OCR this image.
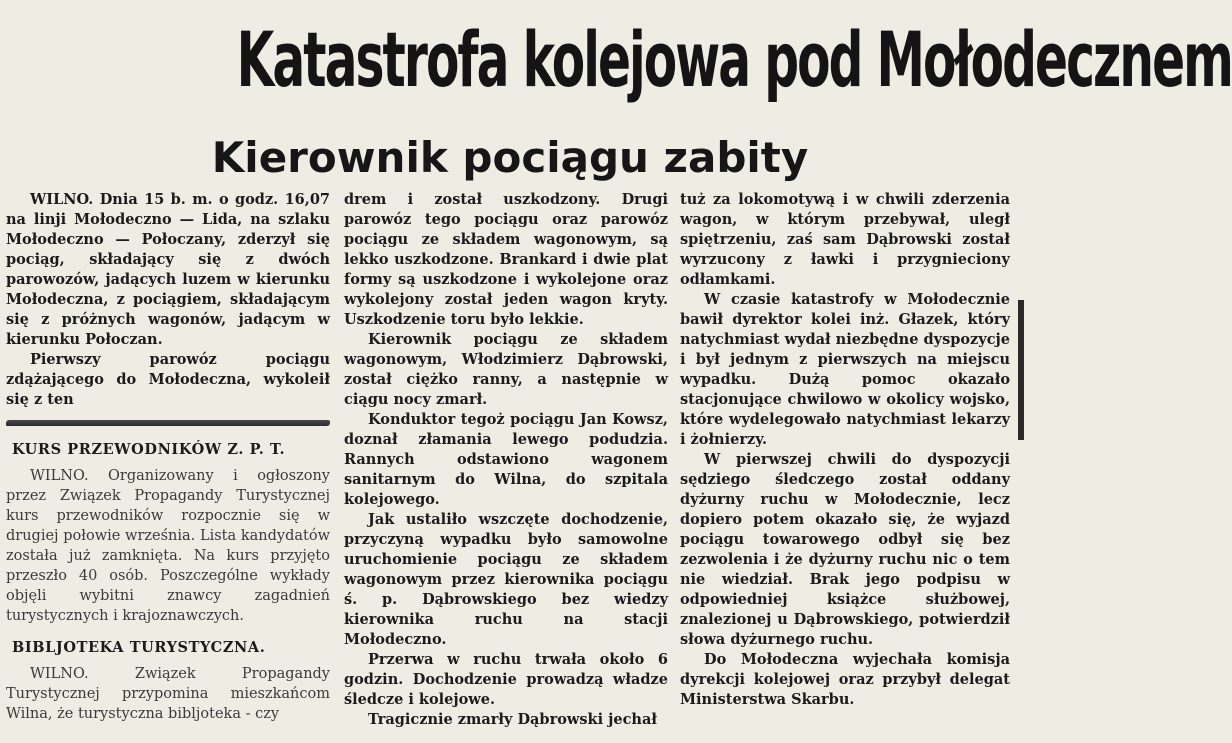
Katastrofa kolejowa pod Mołodecznem
Kierownik pociągu zabity

WILNO. Dnia 15 b. m. o godz. 16,07 na linji Mołodeczno — Lida, na szlaku Mołodeczno — Połoczany, zderzył się pociąg, składający się z dwóch parowozów, jadących luzem w kierunku Mołodeczna, z pociągiem, składającym się z próżnych wagonów, jadącym w kierunku Połoczan.

Pierwszy parowóz pociągu zdążającego do Mołodeczna, wykoleił się z ten

KURS PRZEWODNIKÓW Z. P. T.

WILNO. Organizowany i ogłoszony przez Związek Propagandy Turystycznej kurs przewodników rozpocznie się w drugiej połowie września. Lista kandydatów została już zamknięta. Na kurs przyjęto przeszło 40 osób. Poszczególne wykłady objęli wybitni znawcy zagadnień turystycznych i krajoznawczych.

BIBLJOTEKA TURYSTYCZNA.

WILNO. Związek Propagandy Turystycznej przypomina mieszkańcom Wilna, że turystyczna bibljoteka - czy

drem i został uszkodzony. Drugi parowóz tego pociągu oraz parowóz pociągu ze składem wagonowym, są lekko uszkodzone. Brankard i dwie plat formy są uszkodzone i wykolejone oraz wykolejony został jeden wagon kryty. Uszkodzenie toru było lekkie.

Kierownik pociągu ze składem wagonowym, Włodzimierz Dąbrowski, został ciężko ranny, a następnie w ciągu nocy zmarł.

Konduktor tegoż pociągu Jan Kowsz, doznał złamania lewego podudzia. Rannych odstawiono wagonem sanitarnym do Wilna, do szpitala kolejowego.

Jak ustaliło wszczęte dochodzenie, przyczyną wypadku było samowolne uruchomienie pociągu ze składem wagonowym przez kierownika pociągu ś. p. Dąbrowskiego bez wiedzy kierownika ruchu na stacji Mołodeczno.

Przerwa w ruchu trwała około 6 godzin. Dochodzenie prowadzą władze śledcze i kolejowe.

Tragicznie zmarły Dąbrowski jechał

tuż za lokomotywą i w chwili zderzenia wagon, w którym przebywał, uległ spiętrzeniu, zaś sam Dąbrowski został wyrzucony z ławki i przygnieciony odłamkami.

W czasie katastrofy w Mołodecznie bawił dyrektor kolei inż. Głazek, który natychmiast wydał niezbędne dyspozycje i był jednym z pierwszych na miejscu wypadku. Dużą pomoc okazało stacjonujące chwilowo w okolicy wojsko, które wydelegowało natychmiast lekarzy i żołnierzy.

W pierwszej chwili do dyspozycji sędziego śledczego został oddany dyżurny ruchu w Mołodecznie, lecz dopiero potem okazało się, że wyjazd pociągu towarowego odbył się bez zezwolenia i że dyżurny ruchu nic o tem nie wiedział. Brak jego podpisu w odpowiedniej książce służbowej, znalezionej u Dąbrowskiego, potwierdził słowa dyżurnego ruchu.

Do Mołodeczna wyjechała komisja dyrekcji kolejowej oraz przybył delegat Ministerstwa Skarbu.
